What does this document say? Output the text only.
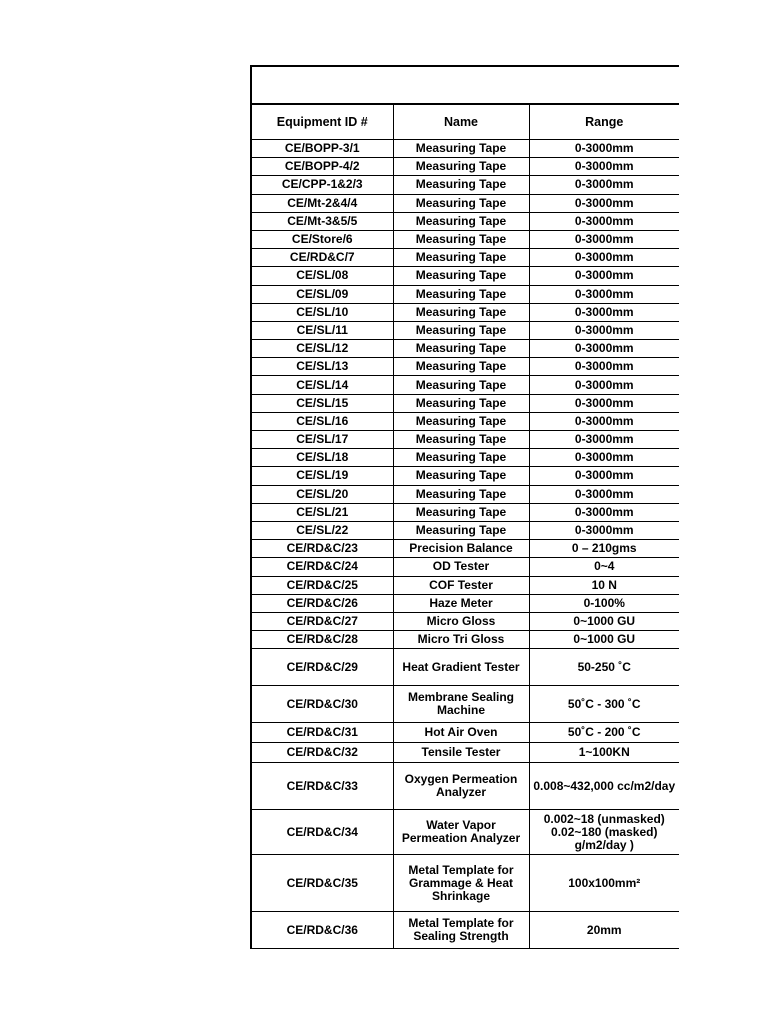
Equipment ID #	Name	Range
CE/BOPP-3/1	Measuring Tape	0-3000mm
CE/BOPP-4/2	Measuring Tape	0-3000mm
CE/CPP-1&2/3	Measuring Tape	0-3000mm
CE/Mt-2&4/4	Measuring Tape	0-3000mm
CE/Mt-3&5/5	Measuring Tape	0-3000mm
CE/Store/6	Measuring Tape	0-3000mm
CE/RD&C/7	Measuring Tape	0-3000mm
CE/SL/08	Measuring Tape	0-3000mm
CE/SL/09	Measuring Tape	0-3000mm
CE/SL/10	Measuring Tape	0-3000mm
CE/SL/11	Measuring Tape	0-3000mm
CE/SL/12	Measuring Tape	0-3000mm
CE/SL/13	Measuring Tape	0-3000mm
CE/SL/14	Measuring Tape	0-3000mm
CE/SL/15	Measuring Tape	0-3000mm
CE/SL/16	Measuring Tape	0-3000mm
CE/SL/17	Measuring Tape	0-3000mm
CE/SL/18	Measuring Tape	0-3000mm
CE/SL/19	Measuring Tape	0-3000mm
CE/SL/20	Measuring Tape	0-3000mm
CE/SL/21	Measuring Tape	0-3000mm
CE/SL/22	Measuring Tape	0-3000mm
CE/RD&C/23	Precision Balance	0 – 210gms
CE/RD&C/24	OD Tester	0~4
CE/RD&C/25	COF Tester	10 N
CE/RD&C/26	Haze Meter	0-100%
CE/RD&C/27	Micro Gloss	0~1000 GU
CE/RD&C/28	Micro Tri Gloss	0~1000 GU
CE/RD&C/29	Heat Gradient Tester	50-250 ˚C
CE/RD&C/30	Membrane Sealing Machine	50˚C - 300 ˚C
CE/RD&C/31	Hot Air Oven	50˚C - 200 ˚C
CE/RD&C/32	Tensile Tester	1~100KN
CE/RD&C/33	Oxygen Permeation Analyzer	0.008~432,000 cc/m2/day
CE/RD&C/34	Water Vapor Permeation Analyzer	0.002~18 (unmasked) 0.02~180 (masked) g/m2/day )
CE/RD&C/35	Metal Template for Grammage & Heat Shrinkage	100x100mm²
CE/RD&C/36	Metal Template for Sealing Strength	20mm
